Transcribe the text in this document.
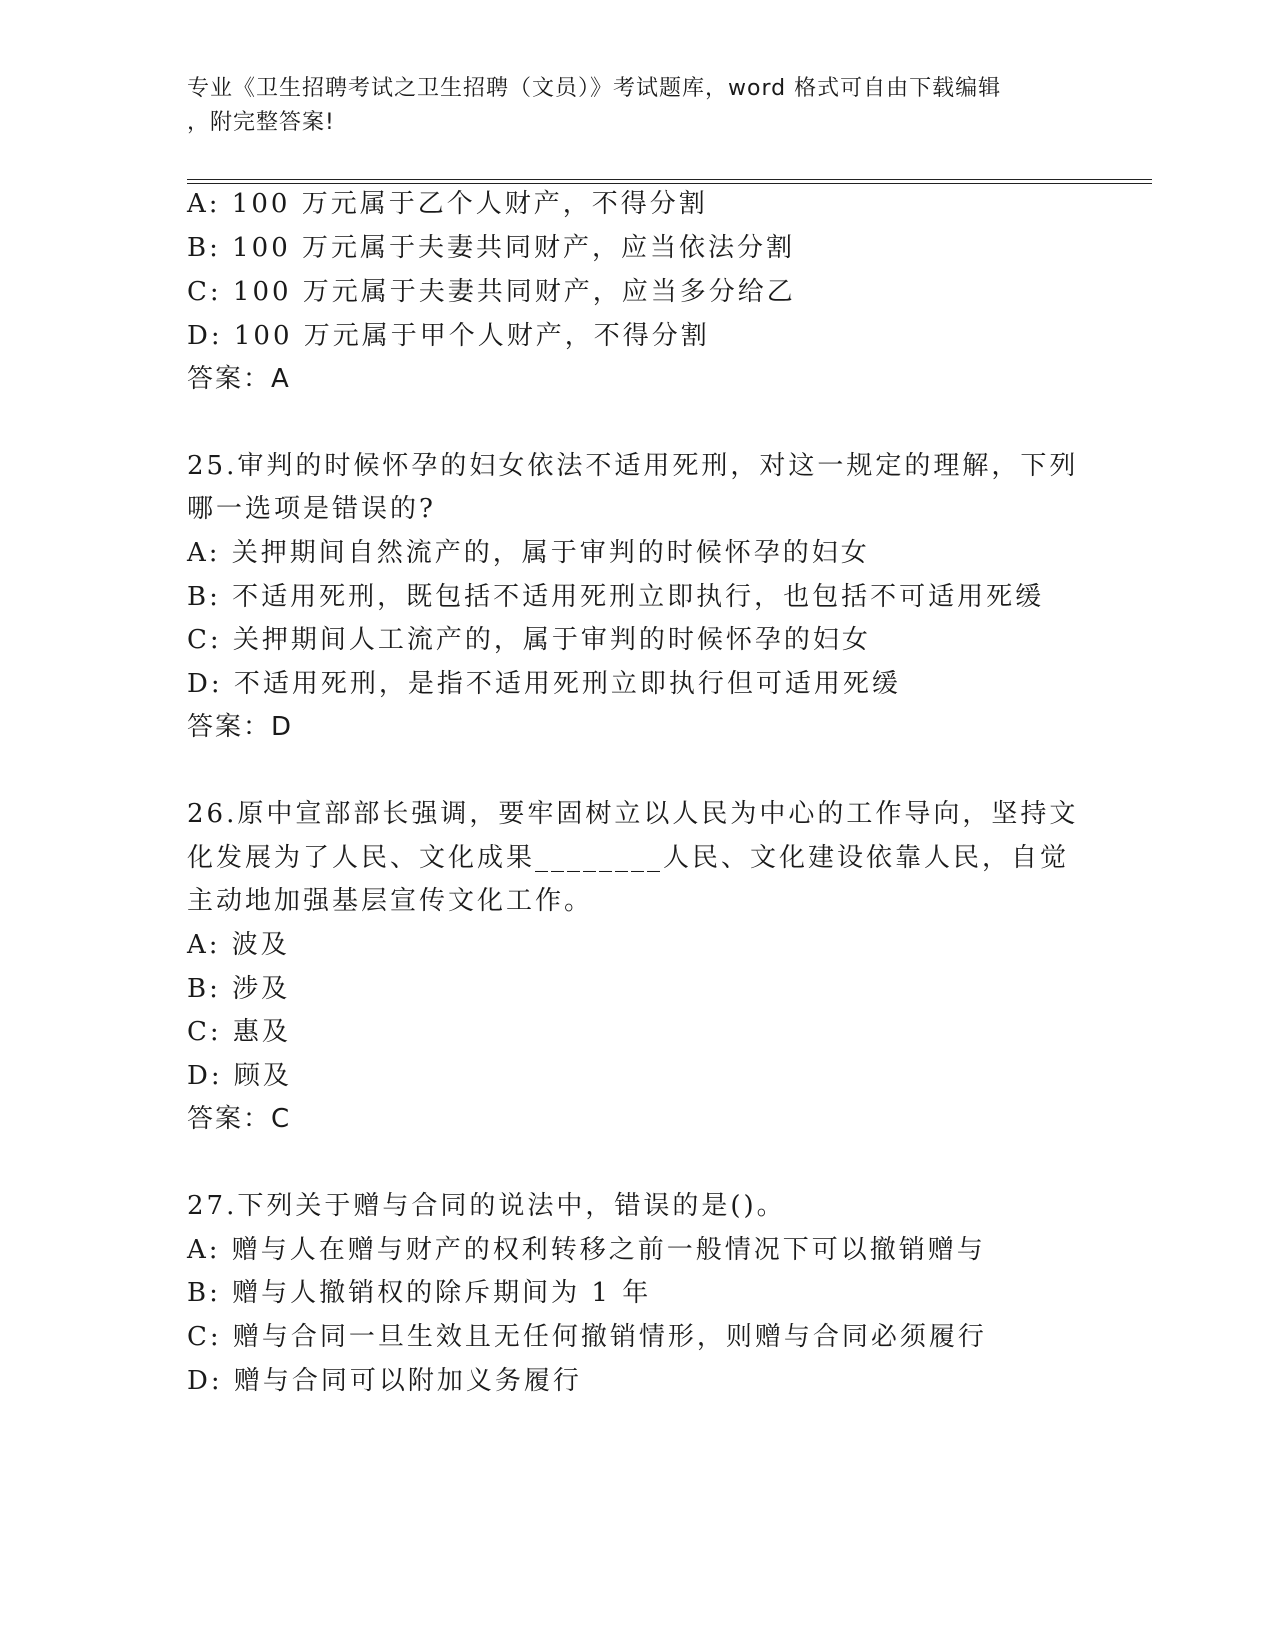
专业《卫生招聘考试之卫生招聘（文员）》考试题库，word 格式可自由下载编辑
，附完整答案!
A: 100 万元属于乙个人财产，不得分割
B: 100 万元属于夫妻共同财产，应当依法分割
C: 100 万元属于夫妻共同财产，应当多分给乙
D: 100 万元属于甲个人财产，不得分割
答案：A
25.审判的时候怀孕的妇女依法不适用死刑，对这一规定的理解，下列
哪一选项是错误的?
A: 关押期间自然流产的，属于审判的时候怀孕的妇女
B: 不适用死刑，既包括不适用死刑立即执行，也包括不可适用死缓
C: 关押期间人工流产的，属于审判的时候怀孕的妇女
D: 不适用死刑，是指不适用死刑立即执行但可适用死缓
答案：D
26.原中宣部部长强调，要牢固树立以人民为中心的工作导向，坚持文
化发展为了人民、文化成果________人民、文化建设依靠人民，自觉
主动地加强基层宣传文化工作。
A: 波及
B: 涉及
C: 惠及
D: 顾及
答案：C
27.下列关于赠与合同的说法中，错误的是()。
A: 赠与人在赠与财产的权利转移之前一般情况下可以撤销赠与
B: 赠与人撤销权的除斥期间为 1 年
C: 赠与合同一旦生效且无任何撤销情形，则赠与合同必须履行
D: 赠与合同可以附加义务履行
